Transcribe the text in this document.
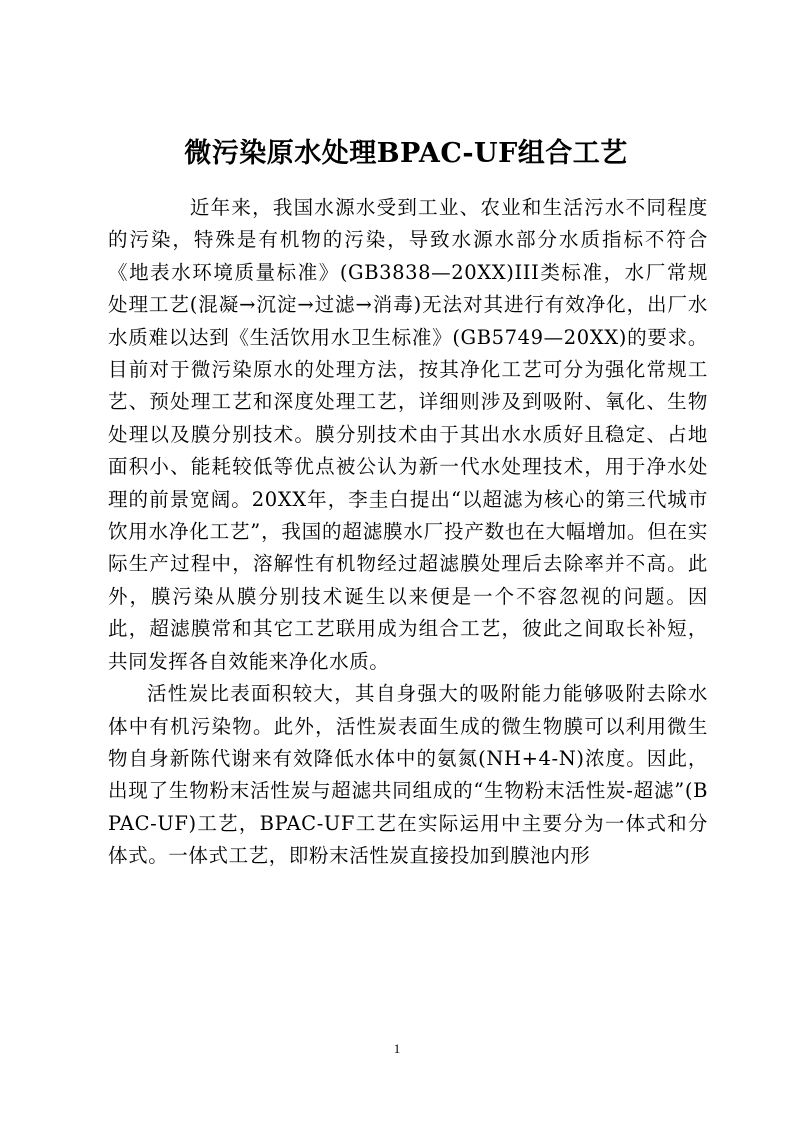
微污染原水处理BPAC-UF组合工艺

近年来，我国水源水受到工业、农业和生活污水不同程度的污染，特殊是有机物的污染，导致水源水部分水质指标不符合《地表水环境质量标准》(GB3838—20XX)III类标准，水厂常规处理工艺(混凝→沉淀→过滤→消毒)无法对其进行有效净化，出厂水水质难以达到《生活饮用水卫生标准》(GB5749—20XX)的要求。目前对于微污染原水的处理方法，按其净化工艺可分为强化常规工艺、预处理工艺和深度处理工艺，详细则涉及到吸附、氧化、生物处理以及膜分别技术。膜分别技术由于其出水水质好且稳定、占地面积小、能耗较低等优点被公认为新一代水处理技术，用于净水处理的前景宽阔。20XX年，李圭白提出“以超滤为核心的第三代城市饮用水净化工艺”，我国的超滤膜水厂投产数也在大幅增加。但在实际生产过程中，溶解性有机物经过超滤膜处理后去除率并不高。此外，膜污染从膜分别技术诞生以来便是一个不容忽视的问题。因此，超滤膜常和其它工艺联用成为组合工艺，彼此之间取长补短，共同发挥各自效能来净化水质。

活性炭比表面积较大，其自身强大的吸附能力能够吸附去除水体中有机污染物。此外，活性炭表面生成的微生物膜可以利用微生物自身新陈代谢来有效降低水体中的氨氮(NH+4-N)浓度。因此，出现了生物粉末活性炭与超滤共同组成的“生物粉末活性炭-超滤”(BPAC-UF)工艺，BPAC-UF工艺在实际运用中主要分为一体式和分体式。一体式工艺，即粉末活性炭直接投加到膜池内形

1
